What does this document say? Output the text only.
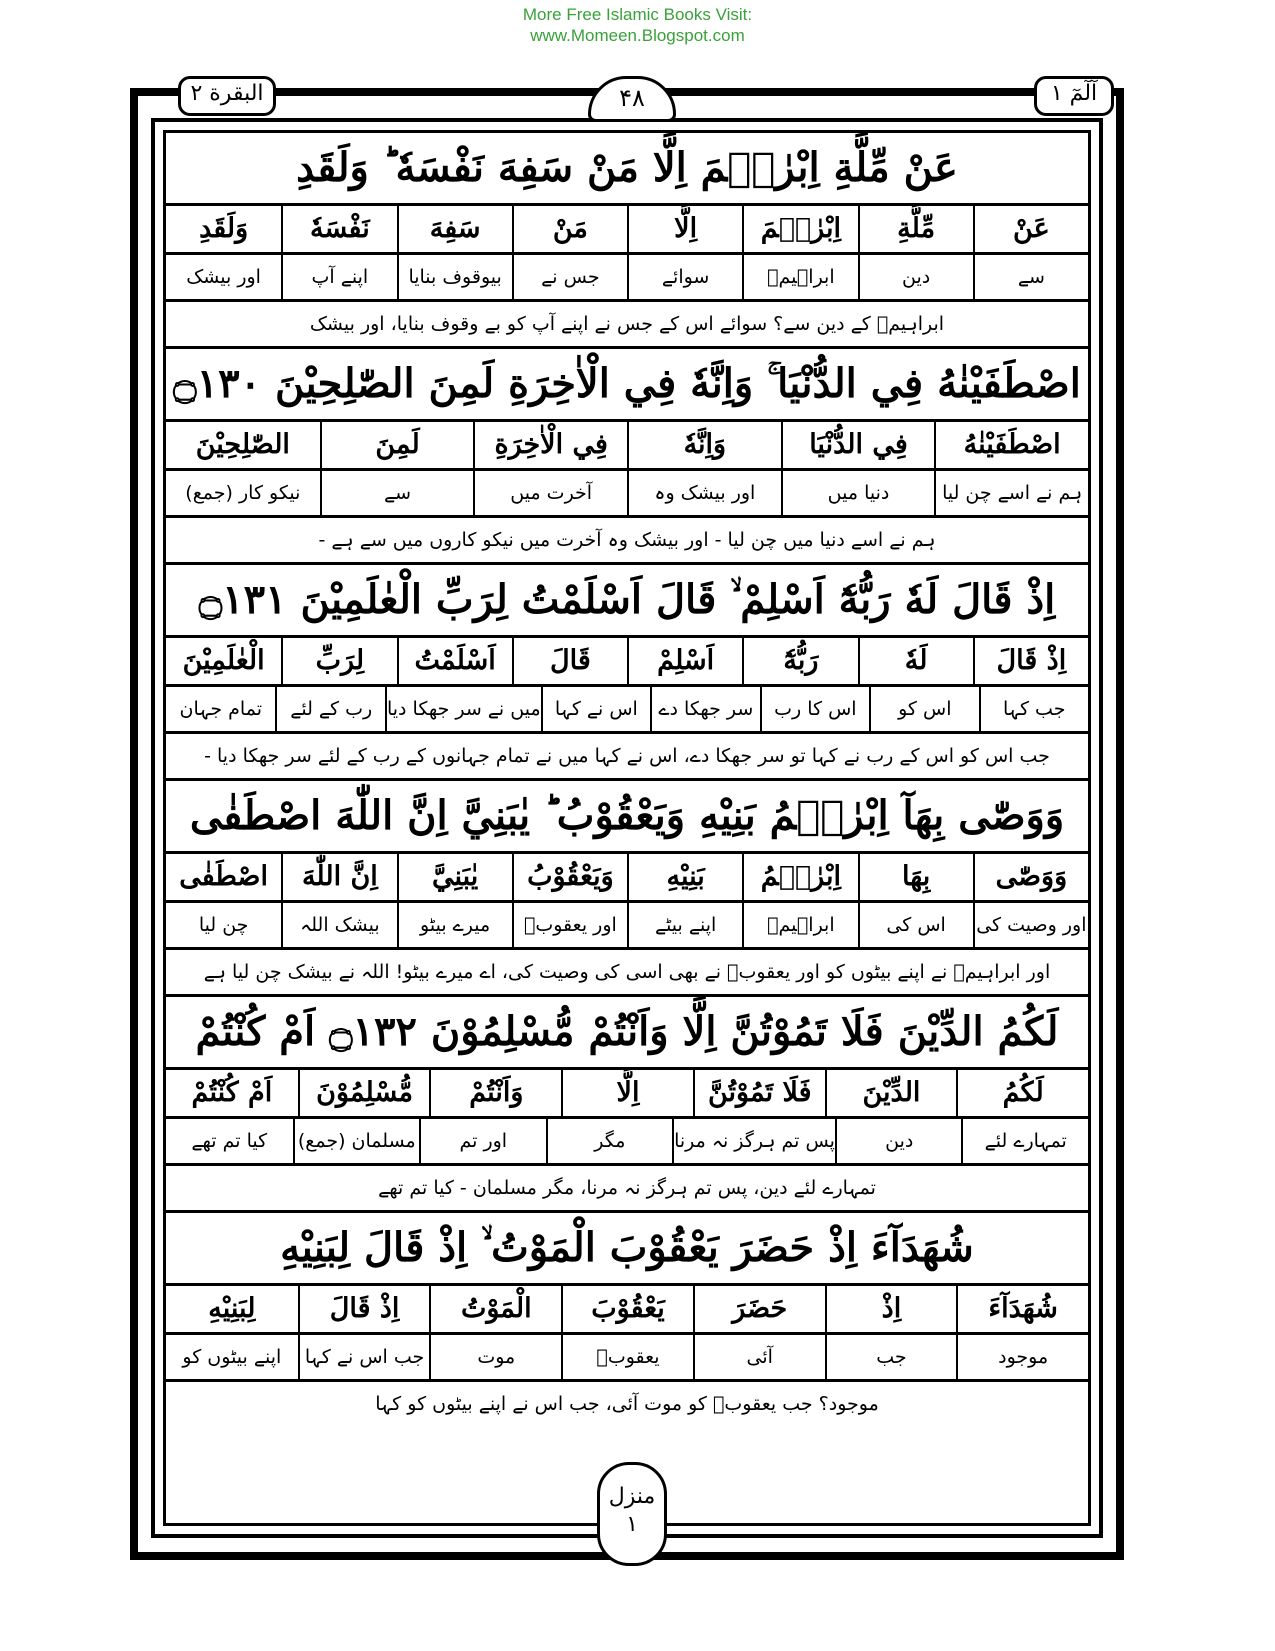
More Free Islamic Books Visit:
www.Momeen.Blogspot.com
البقرة ۲	۴۸	آلٓمٓ ۱
عَنْ مِّلَّةِ اِبْرٰهٖمَ اِلَّا مَنْ سَفِهَ نَفْسَهٗ ؕ وَلَقَدِ
عَنْ
مِّلَّةِ
اِبْرٰهٖمَ
اِلَّا
مَنْ
سَفِهَ
نَفْسَهٗ
وَلَقَدِ
سے
دین
ابراہیمؑ
سوائے
جس نے
بیوقوف بنایا
اپنے آپ
اور بیشک
ابراہیمؑ کے دین سے؟ سوائے اس کے جس نے اپنے آپ کو بے وقوف بنایا، اور بیشک
اصْطَفَيْنٰهُ فِي الدُّنْيَا ۚ وَاِنَّهٗ فِي الْاٰخِرَةِ لَمِنَ الصّٰلِحِيْنَ ۝۱۳۰
اصْطَفَيْنٰهُ
فِي الدُّنْيَا
وَاِنَّهٗ
فِي الْاٰخِرَةِ
لَمِنَ
الصّٰلِحِيْنَ
ہم نے اسے چن لیا
دنیا میں
اور بیشک وہ
آخرت میں
سے
نیکو کار (جمع)
ہم نے اسے دنیا میں چن لیا - اور بیشک وہ آخرت میں نیکو کاروں میں سے ہے -
اِذْ قَالَ لَهٗ رَبُّهٗٓ اَسْلِمْ ۙ قَالَ اَسْلَمْتُ لِرَبِّ الْعٰلَمِيْنَ ۝۱۳۱
اِذْ قَالَ
لَهٗ
رَبُّهٗٓ
اَسْلِمْ
قَالَ
اَسْلَمْتُ
لِرَبِّ
الْعٰلَمِيْنَ
جب کہا
اس کو
اس کا رب
سر جھکا دے
اس نے کہا
میں نے سر جھکا دیا
رب کے لئے
تمام جہان
جب اس کو اس کے رب نے کہا تو سر جھکا دے، اس نے کہا میں نے تمام جہانوں کے رب کے لئے سر جھکا دیا -
وَوَصّٰى بِهَآ اِبْرٰهٖمُ بَنِيْهِ وَيَعْقُوْبُ ؕ يٰبَنِيَّ اِنَّ اللّٰهَ اصْطَفٰى
وَوَصّٰى
بِهَا
اِبْرٰهٖمُ
بَنِيْهِ
وَيَعْقُوْبُ
يٰبَنِيَّ
اِنَّ اللّٰهَ
اصْطَفٰى
اور وصیت کی
اس کی
ابراہیمؑ
اپنے بیٹے
اور یعقوبؑ
میرے بیٹو
بیشک اللہ
چن لیا
اور ابراہیمؑ نے اپنے بیٹوں کو اور یعقوبؑ نے بھی اسی کی وصیت کی، اے میرے بیٹو! اللہ نے بیشک چن لیا ہے
لَكُمُ الدِّيْنَ فَلَا تَمُوْتُنَّ اِلَّا وَاَنْتُمْ مُّسْلِمُوْنَ ۝۱۳۲ اَمْ كُنْتُمْ
لَكُمُ
الدِّيْنَ
فَلَا تَمُوْتُنَّ
اِلَّا
وَاَنْتُمْ
مُّسْلِمُوْنَ
اَمْ كُنْتُمْ
تمہارے لئے
دین
پس تم ہرگز نہ مرنا
مگر
اور تم
مسلمان (جمع)
کیا تم تھے
تمہارے لئے دین، پس تم ہرگز نہ مرنا، مگر مسلمان - کیا تم تھے
شُهَدَآءَ اِذْ حَضَرَ يَعْقُوْبَ الْمَوْتُ ۙ اِذْ قَالَ لِبَنِيْهِ
شُهَدَآءَ
اِذْ
حَضَرَ
يَعْقُوْبَ
الْمَوْتُ
اِذْ قَالَ
لِبَنِيْهِ
موجود
جب
آئی
یعقوبؑ
موت
جب اس نے کہا
اپنے بیٹوں کو
موجود؟ جب یعقوبؑ کو موت آئی، جب اس نے اپنے بیٹوں کو کہا
منزل
۱
